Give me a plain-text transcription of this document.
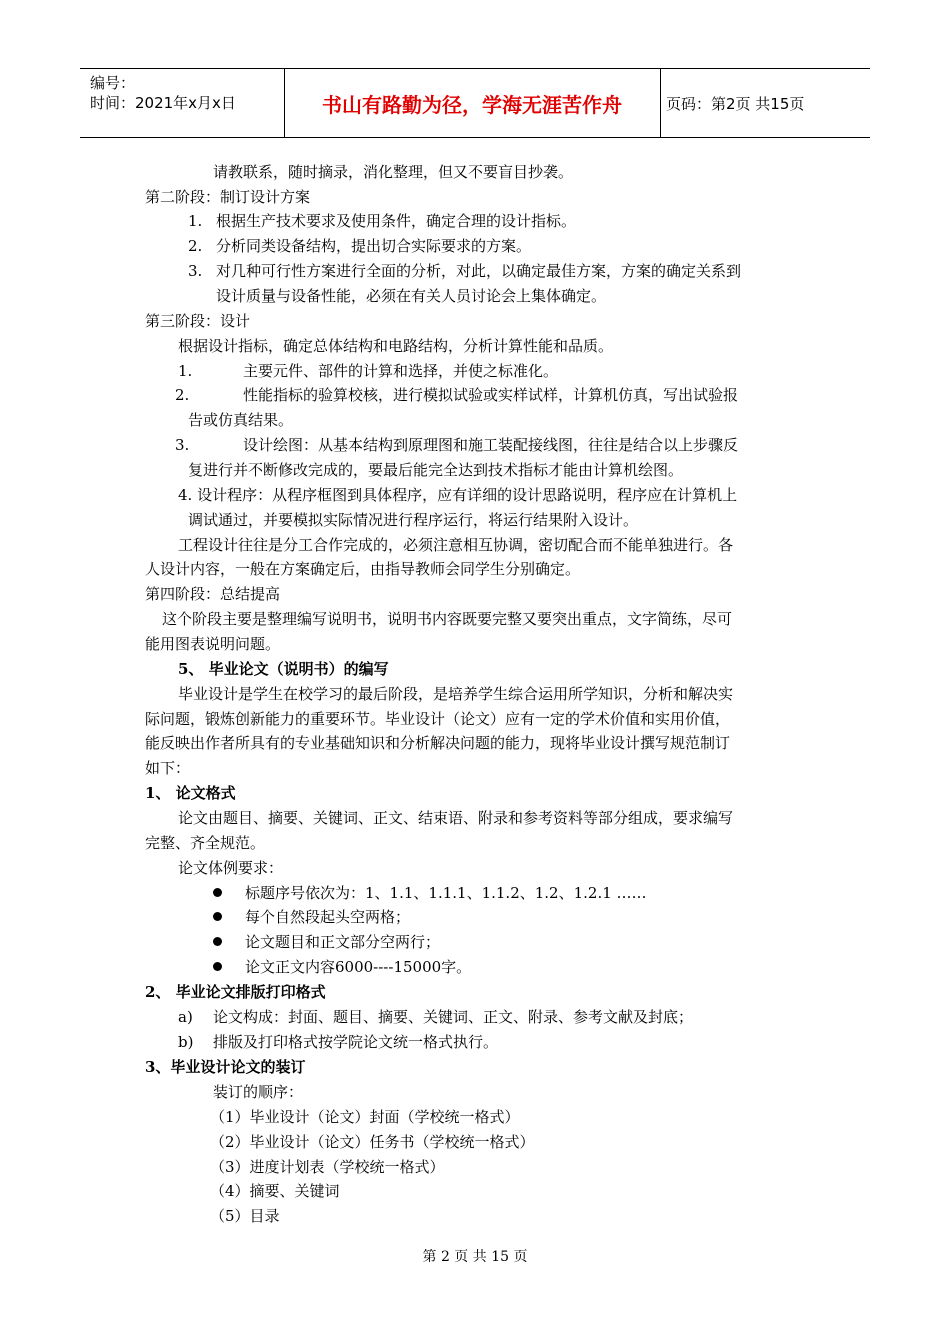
编号：
时间：2021年x月x日	书山有路勤为径，学海无涯苦作舟	页码：第2页 共15页
请教联系，随时摘录，消化整理，但又不要盲目抄袭。
第二阶段：制订设计方案
1. 根据生产技术要求及使用条件，确定合理的设计指标。
2. 分析同类设备结构，提出切合实际要求的方案。
3. 对几种可行性方案进行全面的分析，对此，以确定最佳方案，方案的确定关系到
设计质量与设备性能，必须在有关人员讨论会上集体确定。
第三阶段：设计
根据设计指标，确定总体结构和电路结构，分析计算性能和品质。
1.	主要元件、部件的计算和选择，并使之标准化。
2.	性能指标的验算校核，进行模拟试验或实样试样，计算机仿真，写出试验报
告或仿真结果。
3.	设计绘图：从基本结构到原理图和施工装配接线图，往往是结合以上步骤反
复进行并不断修改完成的，要最后能完全达到技术指标才能由计算机绘图。
4. 设计程序：从程序框图到具体程序，应有详细的设计思路说明，程序应在计算机上
调试通过，并要模拟实际情况进行程序运行，将运行结果附入设计。
工程设计往往是分工合作完成的，必须注意相互协调，密切配合而不能单独进行。各
人设计内容，一般在方案确定后，由指导教师会同学生分别确定。
第四阶段：总结提高
这个阶段主要是整理编写说明书，说明书内容既要完整又要突出重点，文字简练，尽可
能用图表说明问题。
5、 毕业论文（说明书）的编写
毕业设计是学生在校学习的最后阶段，是培养学生综合运用所学知识，分析和解决实
际问题，锻炼创新能力的重要环节。毕业设计（论文）应有一定的学术价值和实用价值，
能反映出作者所具有的专业基础知识和分析解决问题的能力，现将毕业设计撰写规范制订
如下：
1、 论文格式
论文由题目、摘要、关键词、正文、结束语、附录和参考资料等部分组成，要求编写
完整、齐全规范。
论文体例要求：
标题序号依次为：1、1.1、1.1.1、1.1.2、1.2、1.2.1 ……
每个自然段起头空两格；
论文题目和正文部分空两行；
论文正文内容6000----15000字。
2、 毕业论文排版打印格式
a) 论文构成：封面、题目、摘要、关键词、正文、附录、参考文献及封底；
b) 排版及打印格式按学院论文统一格式执行。
3、毕业设计论文的装订
装订的顺序：
（1）毕业设计（论文）封面（学校统一格式）
（2）毕业设计（论文）任务书（学校统一格式）
（3）进度计划表（学校统一格式）
（4）摘要、关键词
（5）目录
第 2 页 共 15 页
